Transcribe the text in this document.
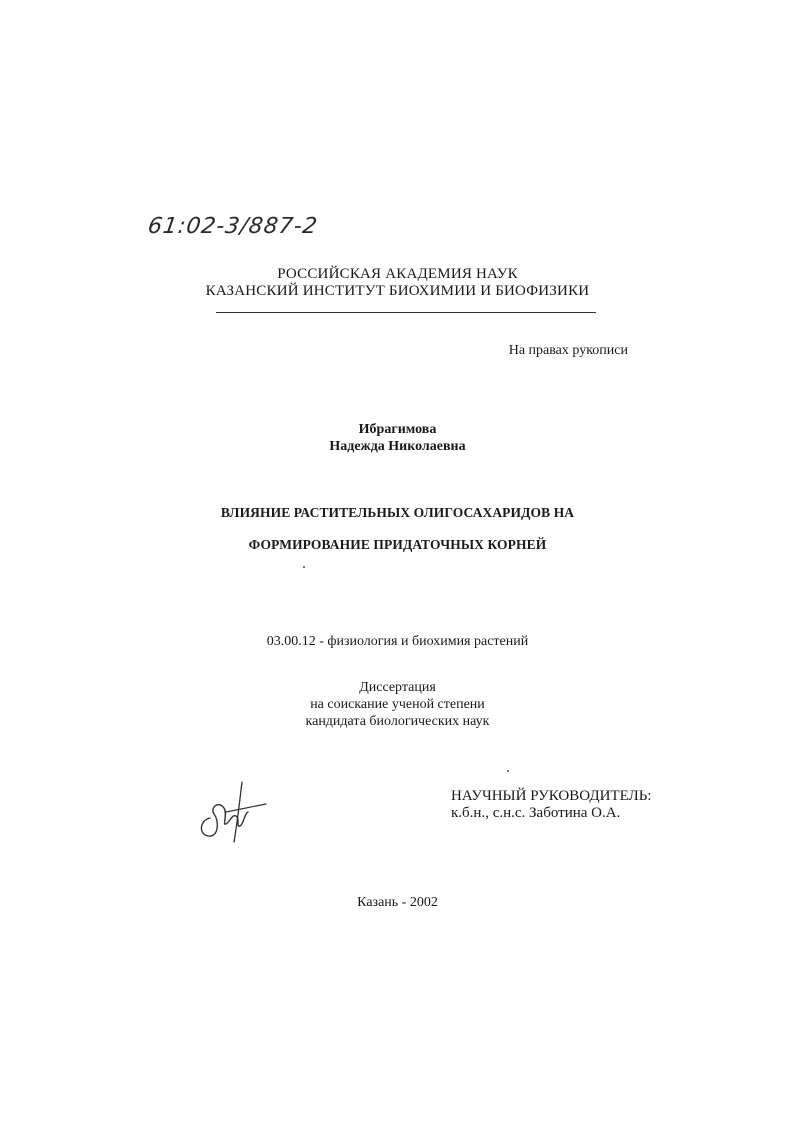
61:02-3/887-2
РОССИЙСКАЯ АКАДЕМИЯ НАУК
КАЗАНСКИЙ ИНСТИТУТ БИОХИМИИ И БИОФИЗИКИ
На правах рукописи
Ибрагимова
Надежда Николаевна
ВЛИЯНИЕ РАСТИТЕЛЬНЫХ ОЛИГОСАХАРИДОВ НА
ФОРМИРОВАНИЕ ПРИДАТОЧНЫХ КОРНЕЙ
03.00.12 - физиология и биохимия растений
Диссертация
на соискание ученой степени
кандидата биологических наук
НАУЧНЫЙ РУКОВОДИТЕЛЬ:
к.б.н., с.н.с. Заботина О.А.
Казань - 2002
